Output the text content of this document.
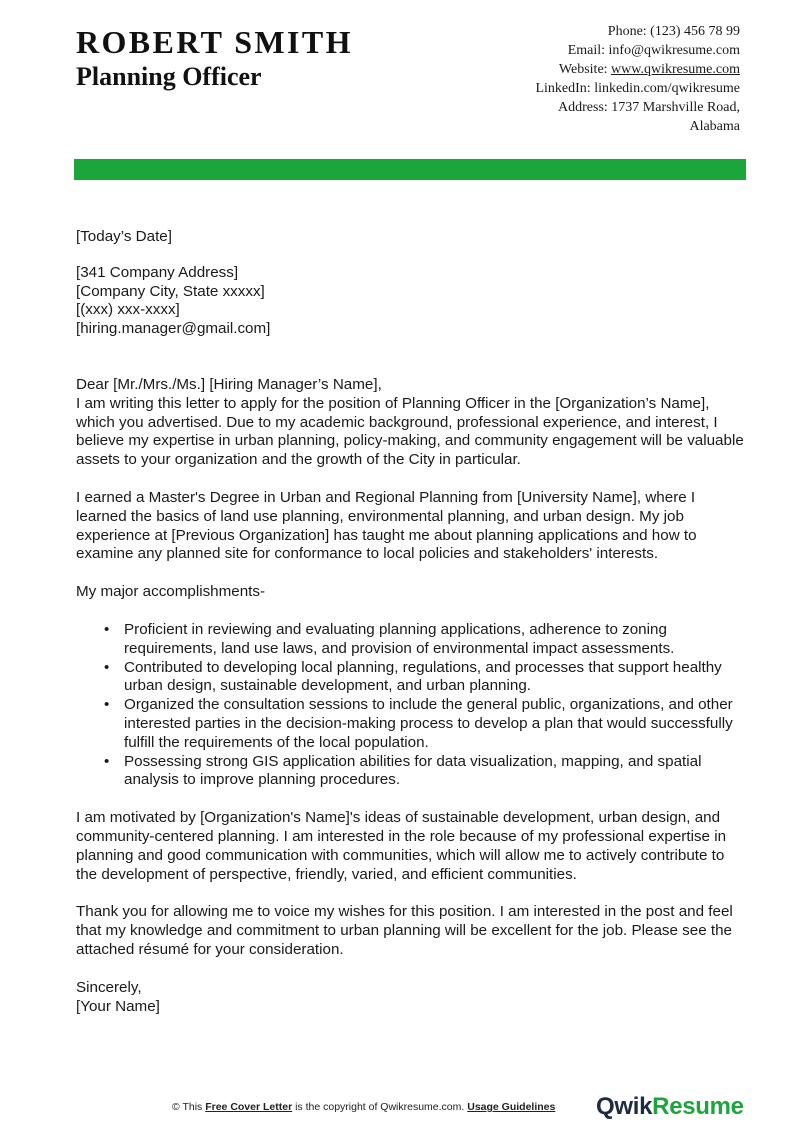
ROBERT SMITH
Planning Officer
Phone: (123) 456 78 99
Email: info@qwikresume.com
Website: www.qwikresume.com
LinkedIn: linkedin.com/qwikresume
Address: 1737 Marshville Road,
Alabama

[Today’s Date]

[341 Company Address]
[Company City, State xxxxx]
[(xxx) xxx-xxxx]
[hiring.manager@gmail.com]

Dear [Mr./Mrs./Ms.] [Hiring Manager’s Name],

I am writing this letter to apply for the position of Planning Officer in the [Organization’s Name], which you advertised. Due to my academic background, professional experience, and interest, I believe my expertise in urban planning, policy-making, and community engagement will be valuable assets to your organization and the growth of the City in particular.

I earned a Master's Degree in Urban and Regional Planning from [University Name], where I learned the basics of land use planning, environmental planning, and urban design. My job experience at [Previous Organization] has taught me about planning applications and how to examine any planned site for conformance to local policies and stakeholders' interests.

My major accomplishments-

• Proficient in reviewing and evaluating planning applications, adherence to zoning requirements, land use laws, and provision of environmental impact assessments.
• Contributed to developing local planning, regulations, and processes that support healthy urban design, sustainable development, and urban planning.
• Organized the consultation sessions to include the general public, organizations, and other interested parties in the decision-making process to develop a plan that would successfully fulfill the requirements of the local population.
• Possessing strong GIS application abilities for data visualization, mapping, and spatial analysis to improve planning procedures.

I am motivated by [Organization's Name]'s ideas of sustainable development, urban design, and community-centered planning. I am interested in the role because of my professional expertise in planning and good communication with communities, which will allow me to actively contribute to the development of perspective, friendly, varied, and efficient communities.

Thank you for allowing me to voice my wishes for this position. I am interested in the post and feel that my knowledge and commitment to urban planning will be excellent for the job. Please see the attached résumé for your consideration.

Sincerely,
[Your Name]

© This Free Cover Letter is the copyright of Qwikresume.com. Usage Guidelines QwikResume
